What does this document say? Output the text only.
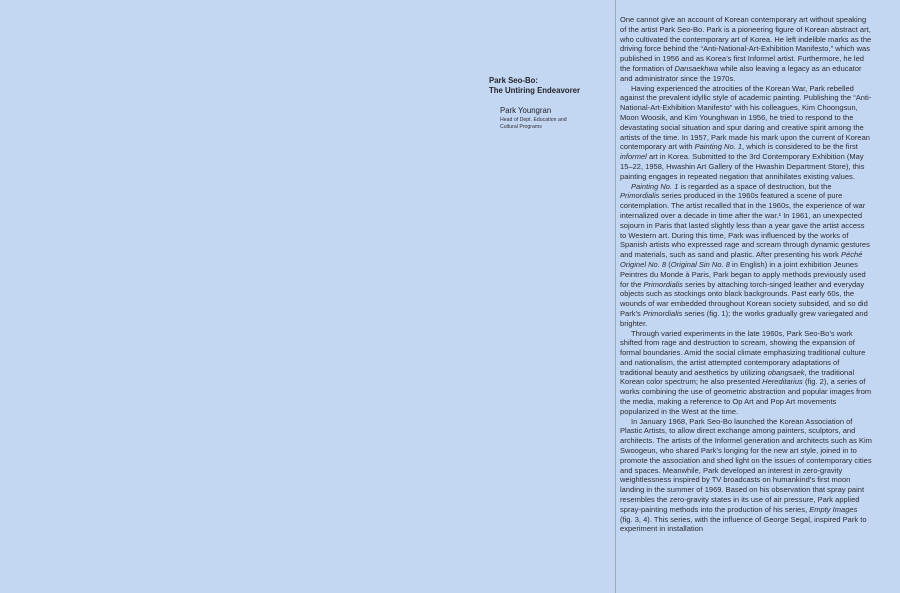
Park Seo-Bo:
The Untiring Endeavorer
Park Youngran
Head of Dept. Education and
Cultural Programs

One cannot give an account of Korean contemporary art without speaking of the artist Park Seo-Bo. Park is a pioneering figure of Korean abstract art, who cultivated the contemporary art of Korea. He left indelible marks as the driving force behind the “Anti-National-Art-Exhibition Manifesto,” which was published in 1956 and as Korea’s first Informel artist. Furthermore, he led the formation of Dansaekhwa while also leaving a legacy as an educator and administrator since the 1970s.

Having experienced the atrocities of the Korean War, Park rebelled against the prevalent idyllic style of academic painting. Publishing the “Anti-National-Art-Exhibition Manifesto” with his colleagues, Kim Choongsun, Moon Woosik, and Kim Younghwan in 1956, he tried to respond to the devastating social situation and spur daring and creative spirit among the artists of the time. In 1957, Park made his mark upon the current of Korean contemporary art with Painting No. 1, which is considered to be the first informel art in Korea. Submitted to the 3rd Contemporary Exhibition (May 15–22, 1958, Hwashin Art Gallery of the Hwashin Department Store), this painting engages in repeated negation that annihilates existing values.

Painting No. 1 is regarded as a space of destruction, but the Primordialis series produced in the 1960s featured a scene of pure contemplation. The artist recalled that in the 1960s, the experience of war internalized over a decade in time after the war.¹ In 1961, an unexpected sojourn in Paris that lasted slightly less than a year gave the artist access to Western art. During this time, Park was influenced by the works of Spanish artists who expressed rage and scream through dynamic gestures and materials, such as sand and plastic. After presenting his work Péché Originel No. 8 (Original Sin No. 8 in English) in a joint exhibition Jeunes Peintres du Monde à Paris, Park began to apply methods previously used for the Primordialis series by attaching torch-singed leather and everyday objects such as stockings onto black backgrounds. Past early 60s, the wounds of war embedded throughout Korean society subsided, and so did Park’s Primordialis series (fig. 1); the works gradually grew variegated and brighter.

Through varied experiments in the late 1960s, Park Seo-Bo’s work shifted from rage and destruction to scream, showing the expansion of formal boundaries. Amid the social climate emphasizing traditional culture and nationalism, the artist attempted contemporary adaptations of traditional beauty and aesthetics by utilizing obangsaek, the traditional Korean color spectrum; he also presented Hereditarius (fig. 2), a series of works combining the use of geometric abstraction and popular images from the media, making a reference to Op Art and Pop Art movements popularized in the West at the time.

In January 1968, Park Seo-Bo launched the Korean Association of Plastic Artists, to allow direct exchange among painters, sculptors, and architects. The artists of the Informel generation and architects such as Kim Swoogeun, who shared Park’s longing for the new art style, joined in to promote the association and shed light on the issues of contemporary cities and spaces. Meanwhile, Park developed an interest in zero-gravity weightlessness inspired by TV broadcasts on humankind’s first moon landing in the summer of 1969. Based on his observation that spray paint resembles the zero-gravity states in its use of air pressure, Park applied spray-painting methods into the production of his series, Empty Images (fig. 3, 4). This series, with the influence of George Segal, inspired Park to experiment in installation
